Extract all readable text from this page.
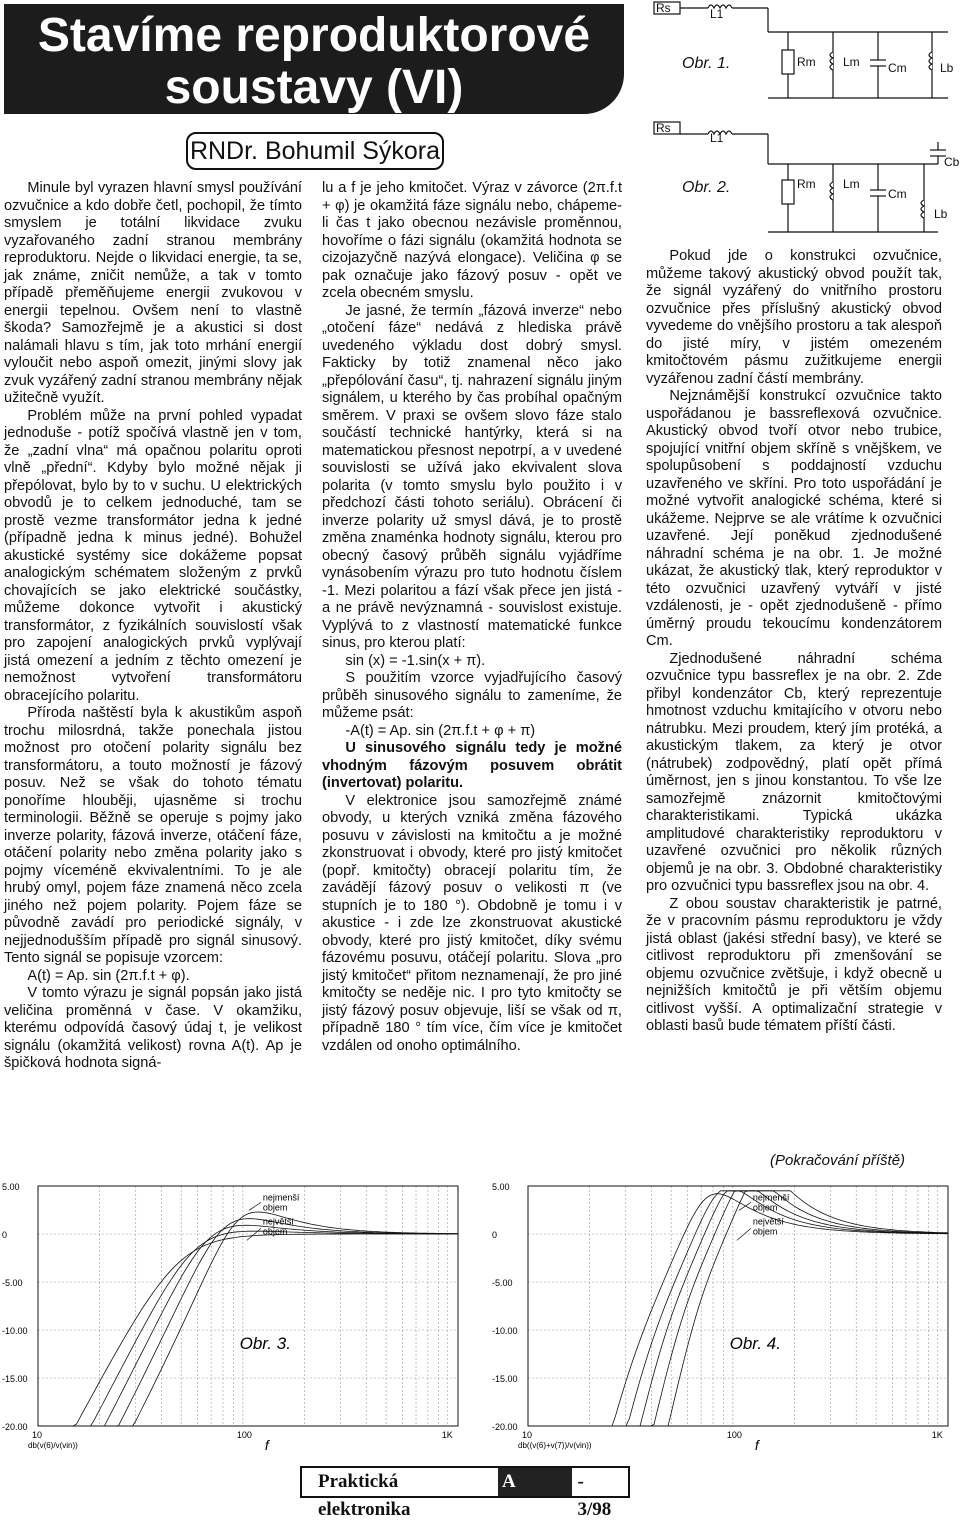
Stavíme reproduktorové
soustavy (VI)
RNDr. Bohumil Sýkora
Rs	L1
Rm Lm Cm	Lb
Obr. 1.
Rs
L1
Rm Lm
Cm
Lb
Cb
Obr. 2.

Minule byl vyrazen hlavní smysl používání ozvučnice a kdo dobře četl, pochopil, že tímto smyslem je totální likvidace zvuku vyzařovaného zadní stranou membrány reproduktoru. Nejde o likvidaci energie, ta se, jak známe, zničit nemůže, a tak v tomto případě přeměňujeme energii zvukovou v energii tepelnou. Ovšem není to vlastně škoda? Samozřejmě je a akustici si dost nalámali hlavu s tím, jak toto mrhání energií vyloučit nebo aspoň omezit, jinými slovy jak zvuk vyzářený zadní stranou membrány nějak užitečně využít.

Problém může na první pohled vypadat jednoduše - potíž spočívá vlastně jen v tom, že „zadní vlna“ má opačnou polaritu oproti vlně „přední“. Kdyby bylo možné nějak ji přepólovat, bylo by to v suchu. U elektrických obvodů je to celkem jednoduché, tam se prostě vezme transformátor jedna k jedné (případně jedna k minus jedné). Bohužel akustické systémy sice dokážeme popsat analogickým schématem složeným z prvků chovajících se jako elektrické součástky, můžeme dokonce vytvořit i akustický transformátor, z fyzikálních souvislostí však pro zapojení analogických prvků vyplývají jistá omezení a jedním z těchto omezení je nemožnost vytvoření transformátoru obracejícího polaritu.

Příroda naštěstí byla k akustikům aspoň trochu milosrdná, takže ponechala jistou možnost pro otočení polarity signálu bez transformátoru, a touto možností je fázový posuv. Než se však do tohoto tématu ponoříme hlouběji, ujasněme si trochu terminologii. Běžně se operuje s pojmy jako inverze polarity, fázová inverze, otáčení fáze, otáčení polarity nebo změna polarity jako s pojmy víceméně ekvivalentními. To je ale hrubý omyl, pojem fáze znamená něco zcela jiného než pojem polarity. Pojem fáze se původně zavádí pro periodické signály, v nejjednodušším případě pro signál sinusový. Tento signál se popisuje vzorcem:

A(t) = Ap. sin (2π.f.t + φ).

V tomto výrazu je signál popsán jako jistá veličina proměnná v čase. V okamžiku, kterému odpovídá časový údaj t, je velikost signálu (okamžitá velikost) rovna A(t). Ap je špičková hodnota signá-

lu a f je jeho kmitočet. Výraz v závorce (2π.f.t + φ) je okamžitá fáze signálu nebo, chápeme-li čas t jako obecnou nezávisle proměnnou, hovoříme o fázi signálu (okamžitá hodnota se cizojazyčně nazývá elongace). Veličina φ se pak označuje jako fázový posuv - opět ve zcela obecném smyslu.

Je jasné, že termín „fázová inverze“ nebo „otočení fáze“ nedává z hlediska právě uvedeného výkladu dost dobrý smysl. Fakticky by totiž znamenal něco jako „přepólování času“, tj. nahrazení signálu jiným signálem, u kterého by čas probíhal opačným směrem. V praxi se ovšem slovo fáze stalo součástí technické hantýrky, která si na matematickou přesnost nepotrpí, a v uvedené souvislosti se užívá jako ekvivalent slova polarita (v tomto smyslu bylo použito i v předchozí části tohoto seriálu). Obrácení či inverze polarity už smysl dává, je to prostě změna znaménka hodnoty signálu, kterou pro obecný časový průběh signálu vyjádříme vynásobením výrazu pro tuto hodnotu číslem -1. Mezi polaritou a fází však přece jen jistá - a ne právě nevýznamná - souvislost existuje. Vyplývá to z vlastností matematické funkce sinus, pro kterou platí:

sin (x) = -1.sin(x + π).

S použitím vzorce vyjadřujícího časový průběh sinusového signálu to zameníme, že můžeme psát:

-A(t) = Ap. sin (2π.f.t + φ + π)

U sinusového signálu tedy je možné vhodným fázovým posuvem obrátit (invertovat) polaritu.

V elektronice jsou samozřejmě známé obvody, u kterých vzniká změna fázového posuvu v závislosti na kmitočtu a je možné zkonstruovat i obvody, které pro jistý kmitočet (popř. kmitočty) obracejí polaritu tím, že zavádějí fázový posuv o velikosti π (ve stupních je to 180 °). Obdobně je tomu i v akustice - i zde lze zkonstruovat akustické obvody, které pro jistý kmitočet, díky svému fázovému posuvu, otáčejí polaritu. Slova „pro jistý kmitočet“ přitom neznamenají, že pro jiné kmitočty se neděje nic. I pro tyto kmitočty se jistý fázový posuv objevuje, liší se však od π, případně 180 ° tím více, čím více je kmitočet vzdálen od onoho optimálního.

Pokud jde o konstrukci ozvučnice, můžeme takový akustický obvod použít tak, že signál vyzářený do vnitřního prostoru ozvučnice přes příslušný akustický obvod vyvedeme do vnějšího prostoru a tak alespoň do jisté míry, v jistém omezeném kmitočtovém pásmu zužitkujeme energii vyzářenou zadní částí membrány.

Nejznámější konstrukcí ozvučnice takto uspořádanou je bassreflexová ozvučnice. Akustický obvod tvoří otvor nebo trubice, spojující vnitřní objem skříně s vnějškem, ve spolupůsobení s poddajností vzduchu uzavřeného ve skříni. Pro toto uspořádání je možné vytvořit analogické schéma, které si ukážeme. Nejprve se ale vrátíme k ozvučnici uzavřené. Její poněkud zjednodušené náhradní schéma je na obr. 1. Je možné ukázat, že akustický tlak, který reproduktor v této ozvučnici uzavřený vytváří v jisté vzdálenosti, je - opět zjednodušeně - přímo úměrný proudu tekoucímu kondenzátorem Cm.

Zjednodušené náhradní schéma ozvučnice typu bassreflex je na obr. 2. Zde přibyl kondenzátor Cb, který reprezentuje hmotnost vzduchu kmitajícího v otvoru nebo nátrubku. Mezi proudem, který jím protéká, a akustickým tlakem, za který je otvor (nátrubek) zodpovědný, platí opět přímá úměrnost, jen s jinou konstantou. To vše lze samozřejmě znázornit kmitočtovými charakteristikami. Typická ukázka amplitudové charakteristiky reproduktoru v uzavřené ozvučnici pro několik různých objemů je na obr. 3. Obdobné charakteristiky pro ozvučnici typu bassreflex jsou na obr. 4.

Z obou soustav charakteristik je patrné, že v pracovním pásmu reproduktoru je vždy jistá oblast (jakési střední basy), ve které se citlivost reproduktoru při zmenšování se objemu ozvučnice zvětšuje, i když obecně u nejnižších kmitočtů je při větším objemu citlivost vyšší. A optimalizační strategie v oblasti basů bude tématem příští části.

(Pokračování příště)
5.00
0
-5.00
-10.00
-15.00
-20.00
10	100	1K
db(v(6)/v(vin))	f
nejmenší
objem
největší
objem
Obr. 3.
5.00
0
-5.00
-10.00
-15.00
-20.00
10	100	1K
db((v(6)+v(7))/v(vin))	f
nejmenší
objem
největší
objem
Obr. 4.
Praktická elektronika
A Radio
- 3/98
